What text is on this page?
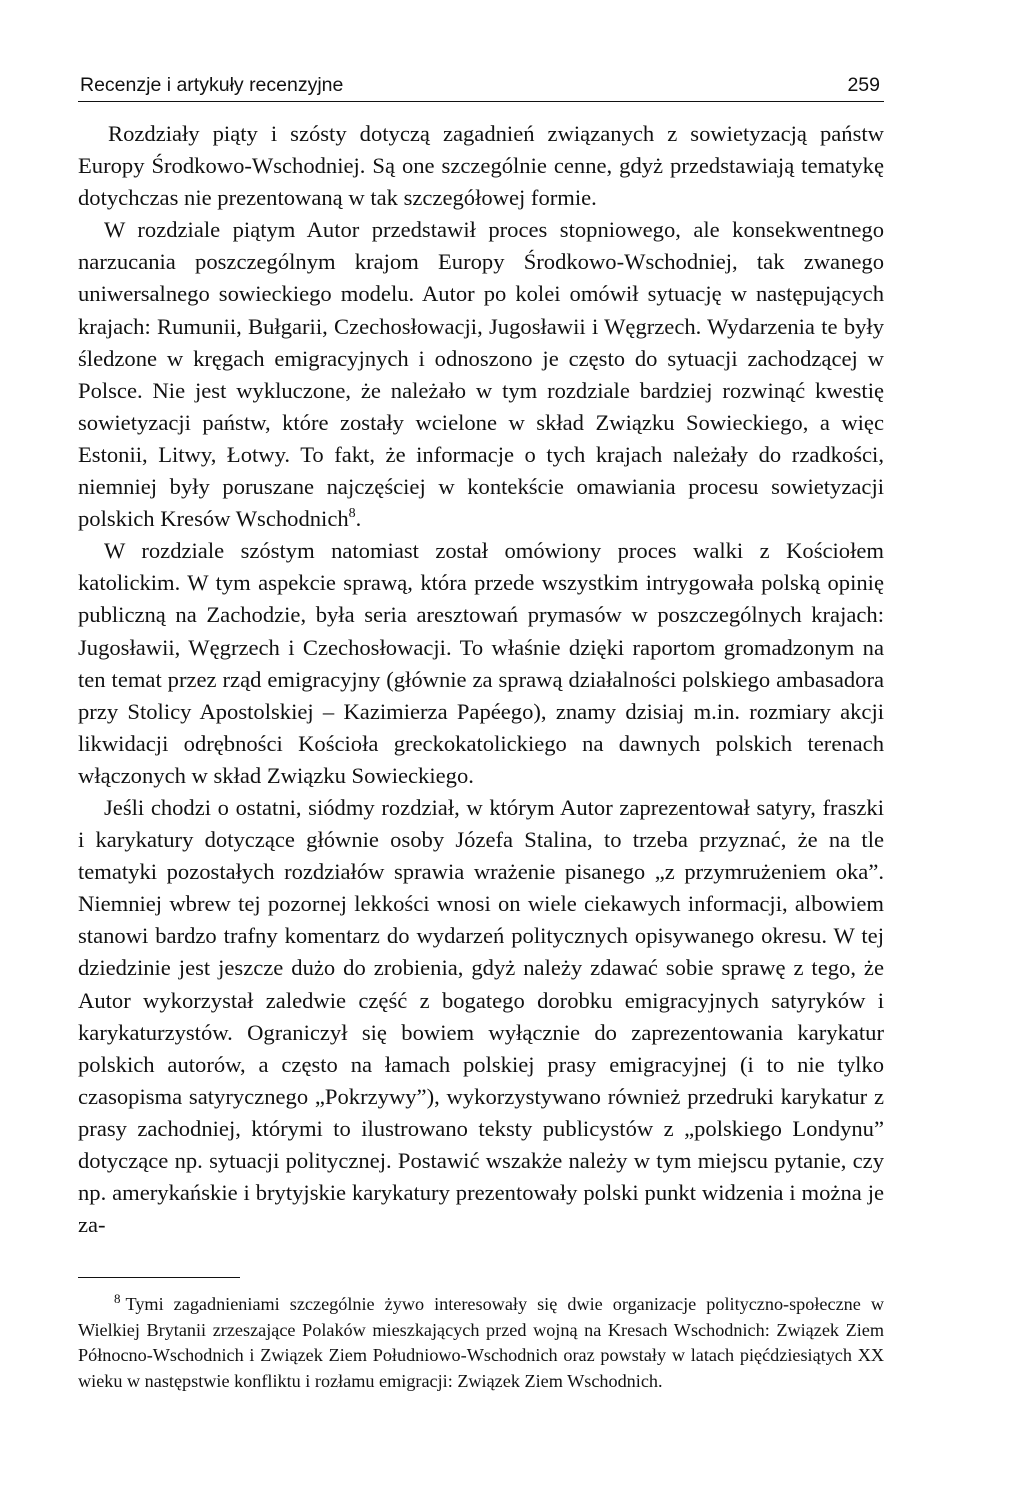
Recenzje i artykuły recenzyjne	259

Rozdziały piąty i szósty dotyczą zagadnień związanych z sowietyzacją państw Europy Środkowo-Wschodniej. Są one szczególnie cenne, gdyż przedstawiają tematykę dotychczas nie prezentowaną w tak szczegółowej formie.

W rozdziale piątym Autor przedstawił proces stopniowego, ale konsekwentnego narzucania poszczególnym krajom Europy Środkowo-Wschodniej, tak zwanego uniwersalnego sowieckiego modelu. Autor po kolei omówił sytuację w następujących krajach: Rumunii, Bułgarii, Czechosłowacji, Jugosławii i Węgrzech. Wydarzenia te były śledzone w kręgach emigracyjnych i odnoszono je często do sytuacji zachodzącej w Polsce. Nie jest wykluczone, że należało w tym rozdziale bardziej rozwinąć kwestię sowietyzacji państw, które zostały wcielone w skład Związku Sowieckiego, a więc Estonii, Litwy, Łotwy. To fakt, że informacje o tych krajach należały do rzadkości, niemniej były poruszane najczęściej w kontekście omawiania procesu sowietyzacji polskich Kresów Wschodnich$^8$.

W rozdziale szóstym natomiast został omówiony proces walki z Kościołem katolickim. W tym aspekcie sprawą, która przede wszystkim intrygowała polską opinię publiczną na Zachodzie, była seria aresztowań prymasów w poszczególnych krajach: Jugosławii, Węgrzech i Czechosłowacji. To właśnie dzięki raportom gromadzonym na ten temat przez rząd emigracyjny (głównie za sprawą działalności polskiego ambasadora przy Stolicy Apostolskiej – Kazimierza Papéego), znamy dzisiaj m.in. rozmiary akcji likwidacji odrębności Kościoła greckokatolickiego na dawnych polskich terenach włączonych w skład Związku Sowieckiego.

Jeśli chodzi o ostatni, siódmy rozdział, w którym Autor zaprezentował satyry, fraszki i karykatury dotyczące głównie osoby Józefa Stalina, to trzeba przyznać, że na tle tematyki pozostałych rozdziałów sprawia wrażenie pisanego „z przymrużeniem oka”. Niemniej wbrew tej pozornej lekkości wnosi on wiele ciekawych informacji, albowiem stanowi bardzo trafny komentarz do wydarzeń politycznych opisywanego okresu. W tej dziedzinie jest jeszcze dużo do zrobienia, gdyż należy zdawać sobie sprawę z tego, że Autor wykorzystał zaledwie część z bogatego dorobku emigracyjnych satyryków i karykaturzystów. Ograniczył się bowiem wyłącznie do zaprezentowania karykatur polskich autorów, a często na łamach polskiej prasy emigracyjnej (i to nie tylko czasopisma satyrycznego „Pokrzywy”), wykorzystywano również przedruki karykatur z prasy zachodniej, którymi to ilustrowano teksty publicystów z „polskiego Londynu” dotyczące np. sytuacji politycznej. Postawić wszakże należy w tym miejscu pytanie, czy np. amerykańskie i brytyjskie karykatury prezentowały polski punkt widzenia i można je za-

$^8$ Tymi zagadnieniami szczególnie żywo interesowały się dwie organizacje polityczno-społeczne w Wielkiej Brytanii zrzeszające Polaków mieszkających przed wojną na Kresach Wschodnich: Związek Ziem Północno-Wschodnich i Związek Ziem Południowo-Wschodnich oraz powstały w latach pięćdziesiątych XX wieku w następstwie konfliktu i rozłamu emigracji: Związek Ziem Wschodnich.
